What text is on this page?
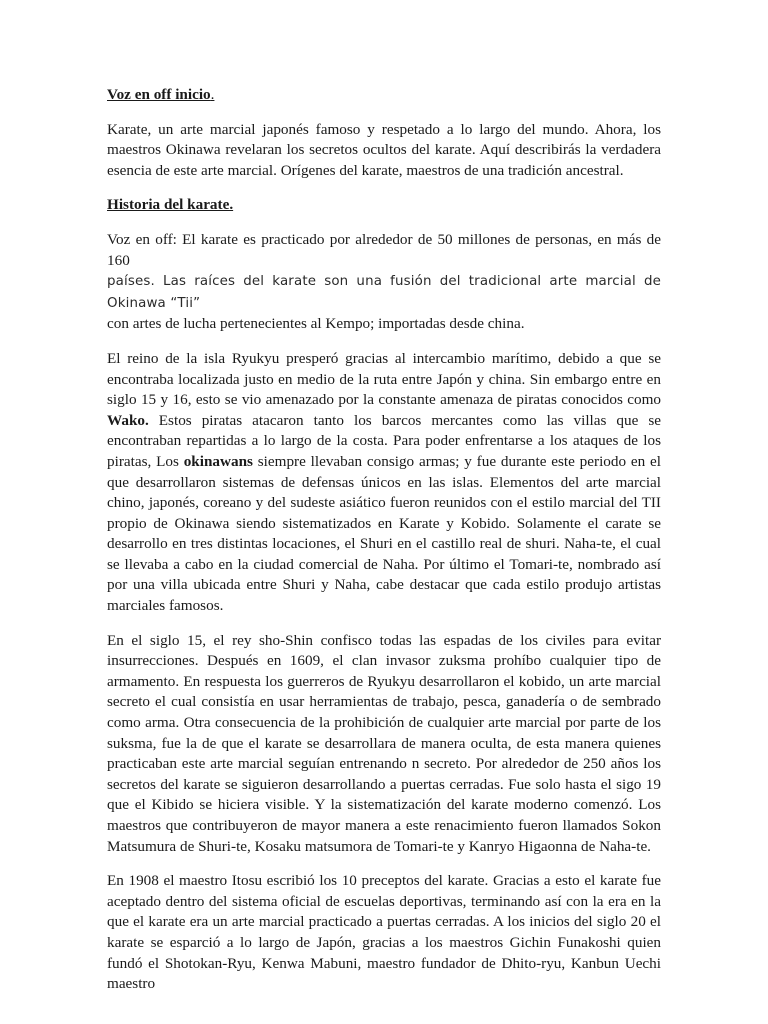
Voz en off inicio.

Karate, un arte marcial japonés famoso y respetado a lo largo del mundo. Ahora, los maestros Okinawa revelaran los secretos ocultos del karate. Aquí describirás la verdadera esencia de este arte marcial. Orígenes del karate, maestros de una tradición ancestral.

Historia del karate.

Voz en off: El karate es practicado por alrededor de 50 millones de personas, en más de 160
países. Las raíces del karate son una fusión del tradicional arte marcial de Okinawa “Tii”
con artes de lucha pertenecientes al Kempo; importadas desde china.

El reino de la isla Ryukyu presperó gracias al intercambio marítimo, debido a que se encontraba localizada justo en medio de la ruta entre Japón y china. Sin embargo entre en siglo 15 y 16, esto se vio amenazado por la constante amenaza de piratas conocidos como Wako. Estos piratas atacaron tanto los barcos mercantes como las villas que se encontraban repartidas a lo largo de la costa. Para poder enfrentarse a los ataques de los piratas, Los okinawans siempre llevaban consigo armas; y fue durante este periodo en el que desarrollaron sistemas de defensas únicos en las islas. Elementos del arte marcial chino, japonés, coreano y del sudeste asiático fueron reunidos con el estilo marcial del TII propio de Okinawa siendo sistematizados en Karate y Kobido. Solamente el carate se desarrollo en tres distintas locaciones, el Shuri en el castillo real de shuri. Naha-te, el cual se llevaba a cabo en la ciudad comercial de Naha. Por último el Tomari-te, nombrado así por una villa ubicada entre Shuri y Naha, cabe destacar que cada estilo produjo artistas marciales famosos.

En el siglo 15, el rey sho-Shin confisco todas las espadas de los civiles para evitar insurrecciones. Después en 1609, el clan invasor zuksma prohíbo cualquier tipo de armamento. En respuesta los guerreros de Ryukyu desarrollaron el kobido, un arte marcial secreto el cual consistía en usar herramientas de trabajo, pesca, ganadería o de sembrado como arma. Otra consecuencia de la prohibición de cualquier arte marcial por parte de los suksma, fue la de que el karate se desarrollara de manera oculta, de esta manera quienes practicaban este arte marcial seguían entrenando n secreto. Por alrededor de 250 años los secretos del karate se siguieron desarrollando a puertas cerradas. Fue solo hasta el sigo 19 que el Kibido se hiciera visible. Y la sistematización del karate moderno comenzó. Los maestros que contribuyeron de mayor manera a este renacimiento fueron llamados Sokon Matsumura de Shuri-te, Kosaku matsumora de Tomari-te y Kanryo Higaonna de Naha-te.

En 1908 el maestro Itosu escribió los 10 preceptos del karate. Gracias a esto el karate fue aceptado dentro del sistema oficial de escuelas deportivas, terminando así con la era en la que el karate era un arte marcial practicado a puertas cerradas. A los inicios del siglo 20 el karate se esparció a lo largo de Japón, gracias a los maestros Gichin Funakoshi quien fundó el Shotokan-Ryu, Kenwa Mabuni, maestro fundador de Dhito-ryu, Kanbun Uechi maestro
